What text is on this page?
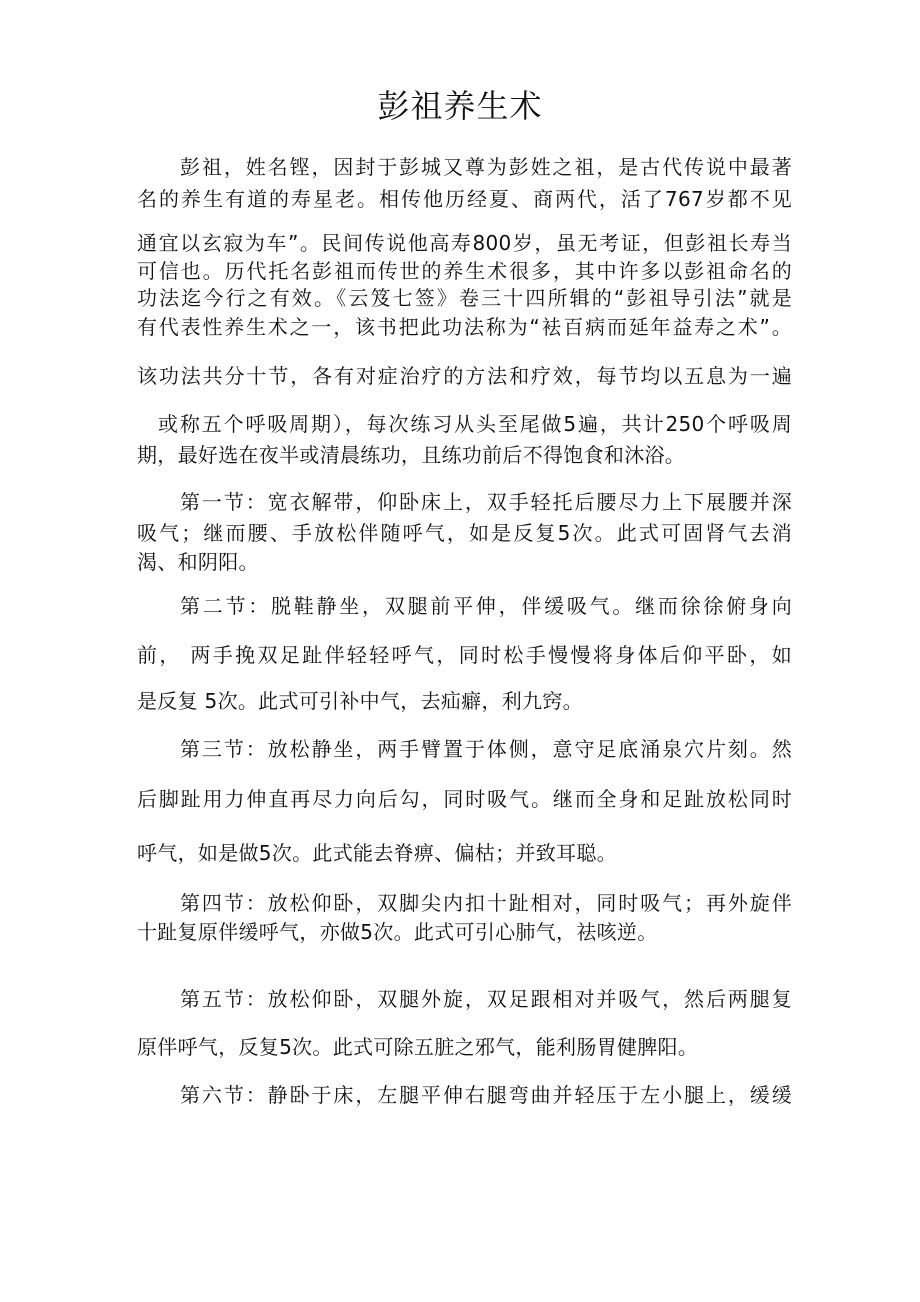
彭祖养生术
彭祖，姓名铿，因封于彭城又尊为彭姓之祖，是古代传说中最著
名的养生有道的寿星老。相传他历经夏、商两代，活了767岁都不见
通宜以玄寂为车”。民间传说他高寿800岁，虽无考证，但彭祖长寿当
可信也。历代托名彭祖而传世的养生术很多，其中许多以彭祖命名的
功法迄今行之有效。《云笈七签》卷三十四所辑的“彭祖导引法”就是
有代表性养生术之一，该书把此功法称为“袪百病而延年益寿之术”。
该功法共分十节，各有对症治疗的方法和疗效，每节均以五息为一遍
或称五个呼吸周期），每次练习从头至尾做5遍，共计250个呼吸周
期，最好选在夜半或清晨练功，且练功前后不得饱食和沐浴。
第一节：宽衣解带，仰卧床上，双手轻托后腰尽力上下展腰并深
吸气；继而腰、手放松伴随呼气，如是反复5次。此式可固肾气去消
渴、和阴阳。
第二节：脱鞋静坐，双腿前平伸，伴缓吸气。继而徐徐俯身向
前， 两手挽双足趾伴轻轻呼气，同时松手慢慢将身体后仰平卧，如
是反复 5次。此式可引补中气，去疝癖，利九窍。
第三节：放松静坐，两手臂置于体侧，意守足底涌泉穴片刻。然
后脚趾用力伸直再尽力向后勾，同时吸气。继而全身和足趾放松同时
呼气，如是做5次。此式能去脊痹、偏枯；并致耳聪。
第四节：放松仰卧，双脚尖内扣十趾相对，同时吸气；再外旋伴
十趾复原伴缓呼气，亦做5次。此式可引心肺气，祛咳逆。
第五节：放松仰卧，双腿外旋，双足跟相对并吸气，然后两腿复
原伴呼气，反复5次。此式可除五脏之邪气，能利肠胃健脾阳。
第六节：静卧于床，左腿平伸右腿弯曲并轻压于左小腿上，缓缓
